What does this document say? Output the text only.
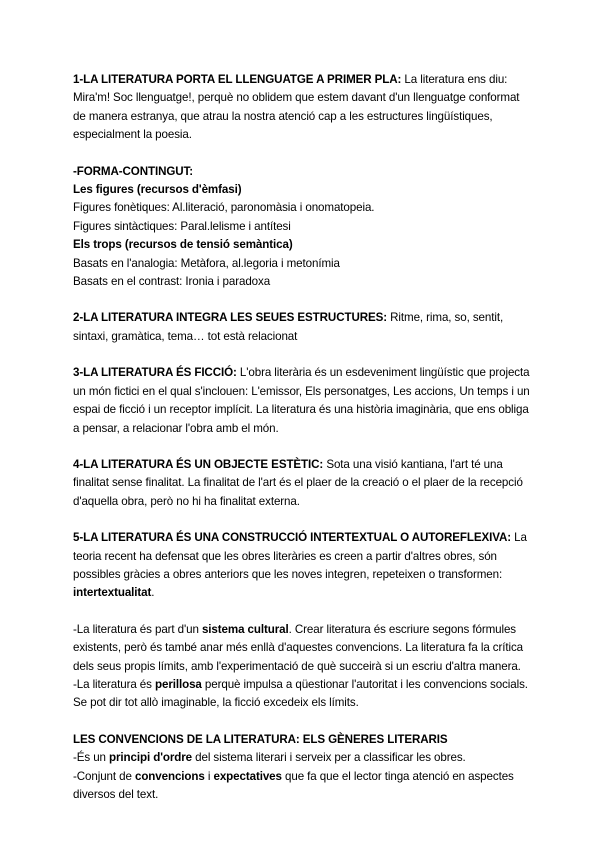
1-LA LITERATURA PORTA EL LLENGUATGE A PRIMER PLA: La literatura ens diu: Mira'm! Soc llenguatge!, perquè no oblidem que estem davant d'un llenguatge conformat de manera estranya, que atrau la nostra atenció cap a les estructures lingüístiques, especialment la poesia.

-FORMA-CONTINGUT:

Les figures (recursos d'èmfasi)

Figures fonètiques: Al.literació, paronomàsia i onomatopeia.

Figures sintàctiques: Paral.lelisme i antítesi

Els trops (recursos de tensió semàntica)

Basats en l'analogia: Metàfora, al.legoria i metonímia

Basats en el contrast: Ironia i paradoxa

2-LA LITERATURA INTEGRA LES SEUES ESTRUCTURES: Ritme, rima, so, sentit, sintaxi, gramàtica, tema… tot està relacionat

3-LA LITERATURA ÉS FICCIÓ: L'obra literària és un esdeveniment lingüístic que projecta un món fictici en el qual s'inclouen: L'emissor, Els personatges, Les accions, Un temps i un espai de ficció i un receptor implícit. La literatura és una història imaginària, que ens obliga a pensar, a relacionar l'obra amb el món.

4-LA LITERATURA ÉS UN OBJECTE ESTÈTIC: Sota una visió kantiana, l'art té una finalitat sense finalitat. La finalitat de l'art és el plaer de la creació o el plaer de la recepció d'aquella obra, però no hi ha finalitat externa.

5-LA LITERATURA ÉS UNA CONSTRUCCIÓ INTERTEXTUAL O AUTOREFLEXIVA: La teoria recent ha defensat que les obres literàries es creen a partir d'altres obres, són possibles gràcies a obres anteriors que les noves integren, repeteixen o transformen: intertextualitat.

-La literatura és part d'un sistema cultural. Crear literatura és escriure segons fórmules existents, però és també anar més enllà d'aquestes convencions. La literatura fa la crítica dels seus propis límits, amb l'experimentació de què succeirà si un escriu d'altra manera.

-La literatura és perillosa perquè impulsa a qüestionar l'autoritat i les convencions socials. Se pot dir tot allò imaginable, la ficció excedeix els límits.

LES CONVENCIONS DE LA LITERATURA: ELS GÈNERES LITERARIS

-És un principi d'ordre del sistema literari i serveix per a classificar les obres.

-Conjunt de convencions i expectatives que fa que el lector tinga atenció en aspectes diversos del text.
